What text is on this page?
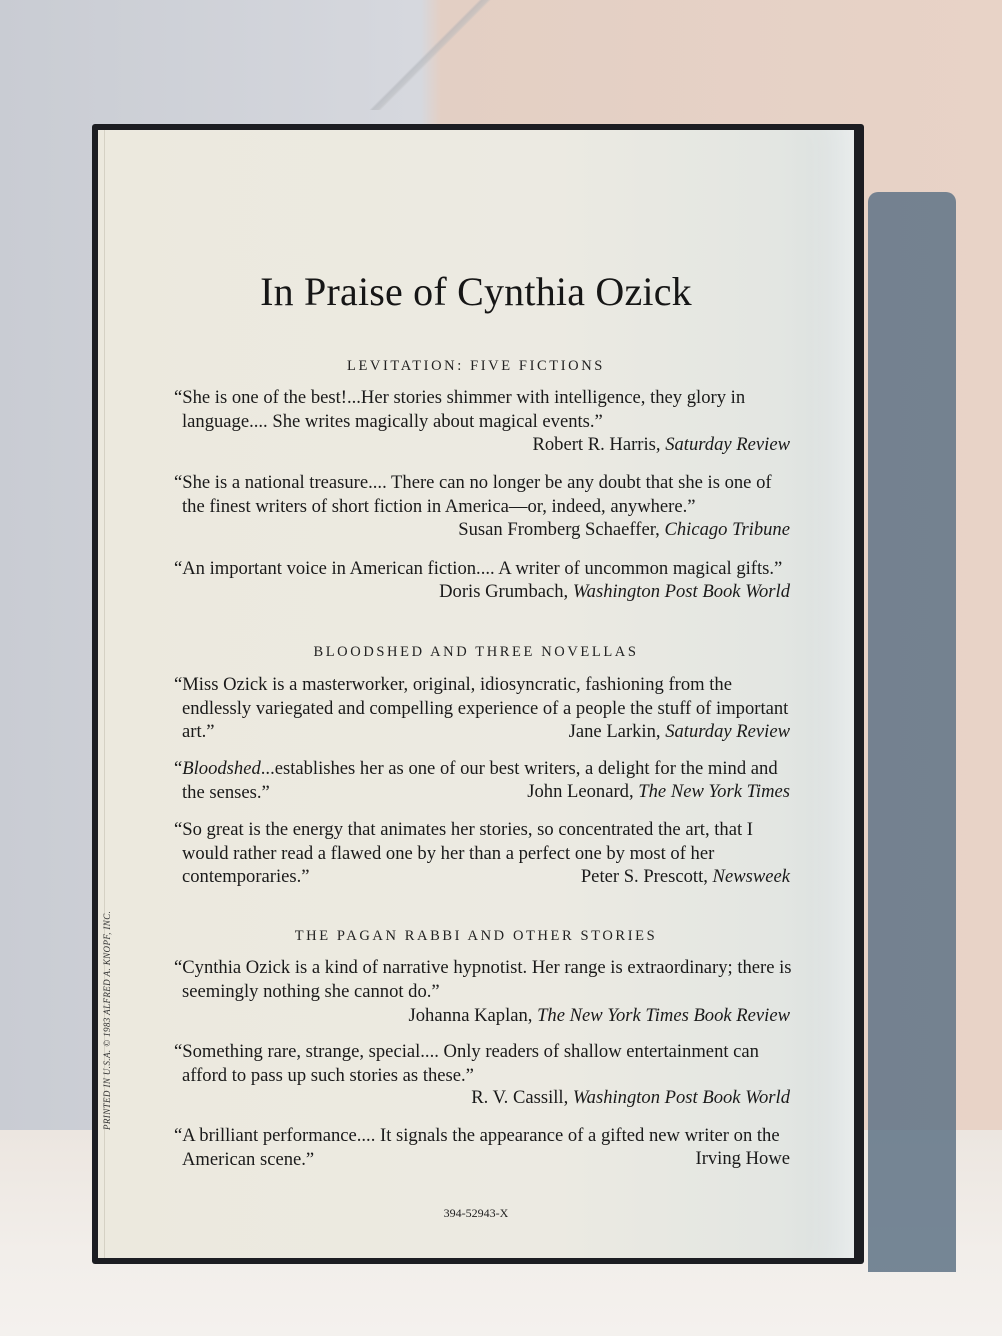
In Praise of Cynthia Ozick
LEVITATION: FIVE FICTIONS
“She is one of the best!...Her stories shimmer with intelligence, they glory in language.... She writes magically about magical events.”
Robert R. Harris, Saturday Review
“She is a national treasure.... There can no longer be any doubt that she is one of the finest writers of short fiction in America—or, indeed, anywhere.”
Susan Fromberg Schaeffer, Chicago Tribune
“An important voice in American fiction.... A writer of uncommon magical gifts.”
Doris Grumbach, Washington Post Book World
BLOODSHED AND THREE NOVELLAS
“Miss Ozick is a masterworker, original, idiosyncratic, fashioning from the endlessly variegated and compelling experience of a people the stuff of important art.”	Jane Larkin, Saturday Review
“Bloodshed...establishes her as one of our best writers, a delight for the mind and the senses.”	John Leonard, The New York Times
“So great is the energy that animates her stories, so concentrated the art, that I would rather read a flawed one by her than a perfect one by most of her contemporaries.”	Peter S. Prescott, Newsweek
THE PAGAN RABBI AND OTHER STORIES
“Cynthia Ozick is a kind of narrative hypnotist. Her range is extraordinary; there is seemingly nothing she cannot do.”
Johanna Kaplan, The New York Times Book Review
“Something rare, strange, special.... Only readers of shallow entertainment can afford to pass up such stories as these.”
R. V. Cassill, Washington Post Book World
“A brilliant performance.... It signals the appearance of a gifted new writer on the American scene.”	Irving Howe
394-52943-X
PRINTED IN U.S.A. © 1983 ALFRED A. KNOPF, INC.
